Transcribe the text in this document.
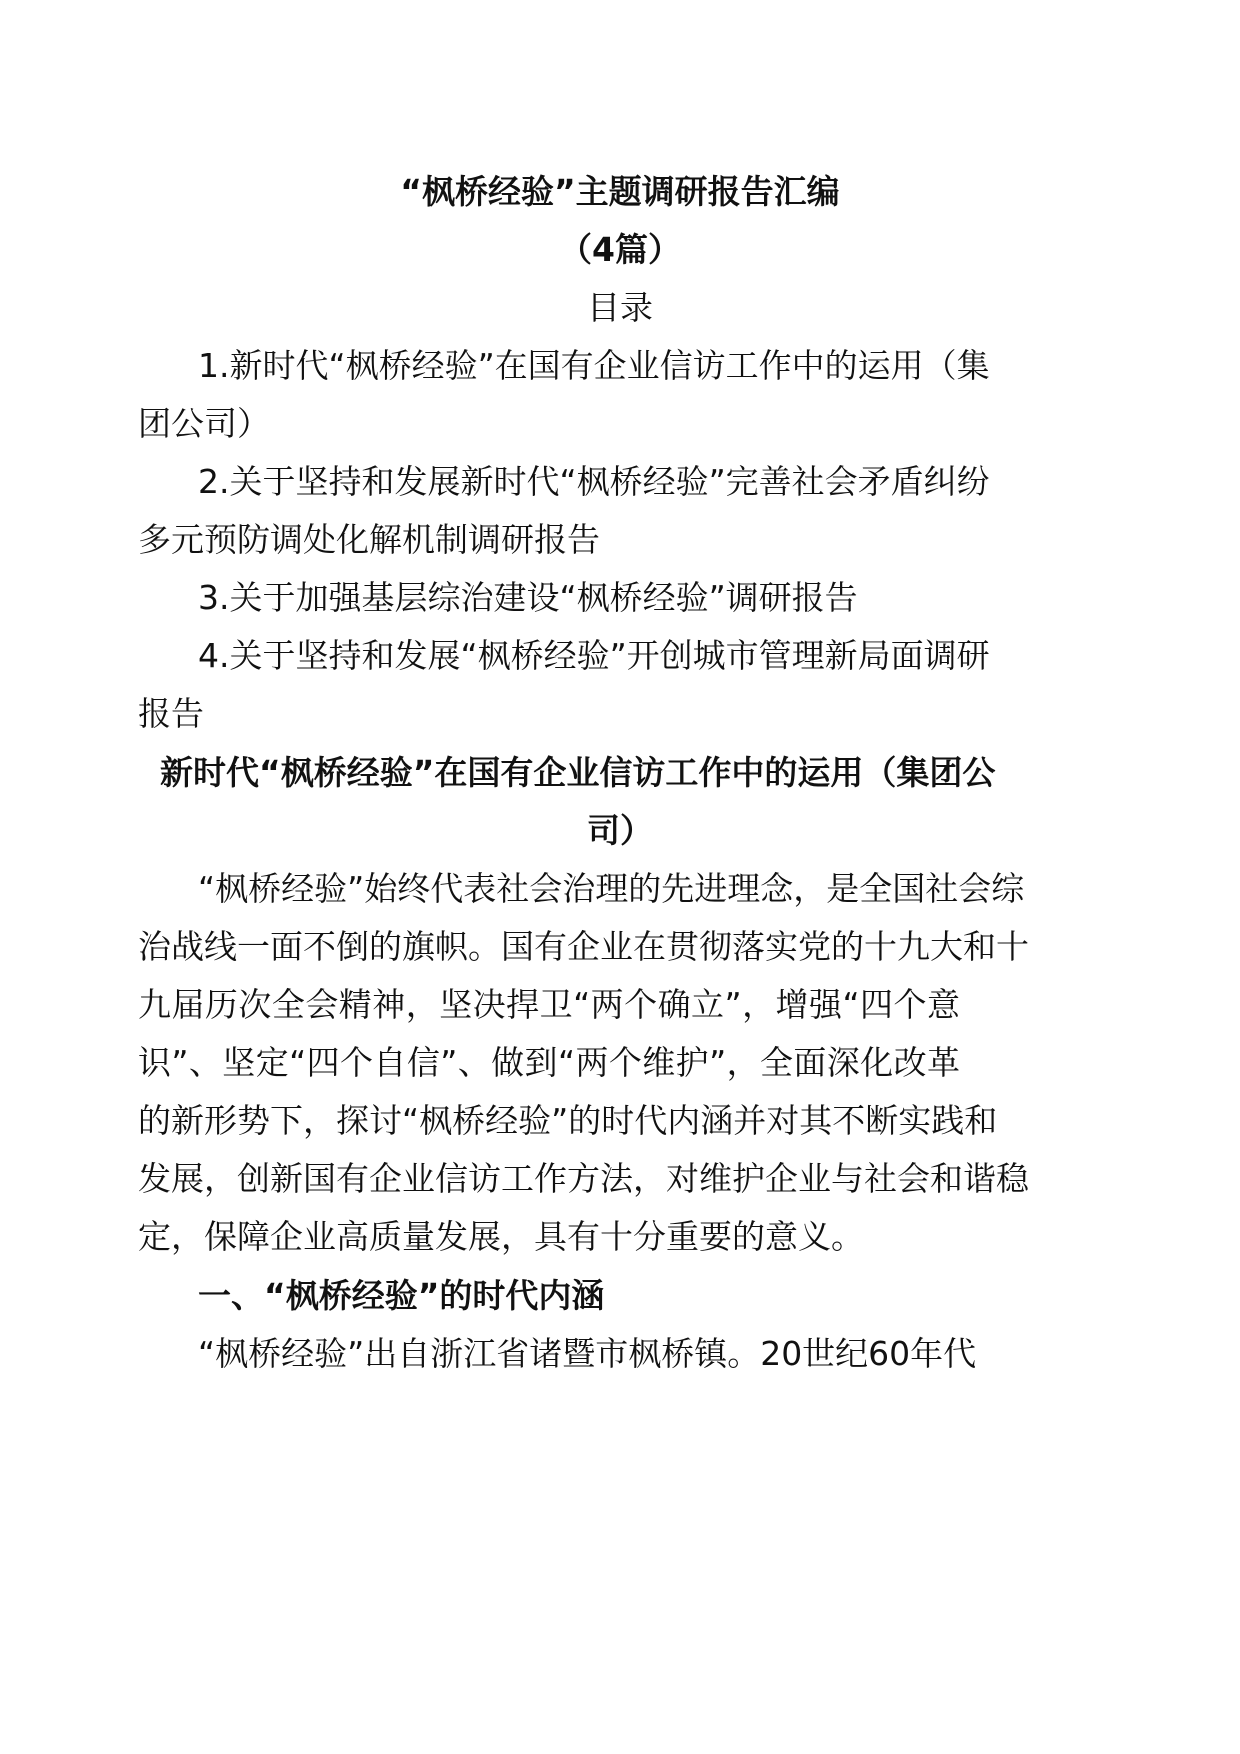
“枫桥经验”主题调研报告汇编
（4篇）
目录
1.新时代“枫桥经验”在国有企业信访工作中的运用（集
团公司）
2.关于坚持和发展新时代“枫桥经验”完善社会矛盾纠纷
多元预防调处化解机制调研报告
3.关于加强基层综治建设“枫桥经验”调研报告
4.关于坚持和发展“枫桥经验”开创城市管理新局面调研
报告
新时代“枫桥经验”在国有企业信访工作中的运用（集团公
司）
“枫桥经验”始终代表社会治理的先进理念，是全国社会综
治战线一面不倒的旗帜。国有企业在贯彻落实党的十九大和十
九届历次全会精神，坚决捍卫“两个确立”，增强“四个意
识”、坚定“四个自信”、做到“两个维护”，全面深化改革
的新形势下，探讨“枫桥经验”的时代内涵并对其不断实践和
发展，创新国有企业信访工作方法，对维护企业与社会和谐稳
定，保障企业高质量发展，具有十分重要的意义。
一、“枫桥经验”的时代内涵
“枫桥经验”出自浙江省诸暨市枫桥镇。20世纪60年代
